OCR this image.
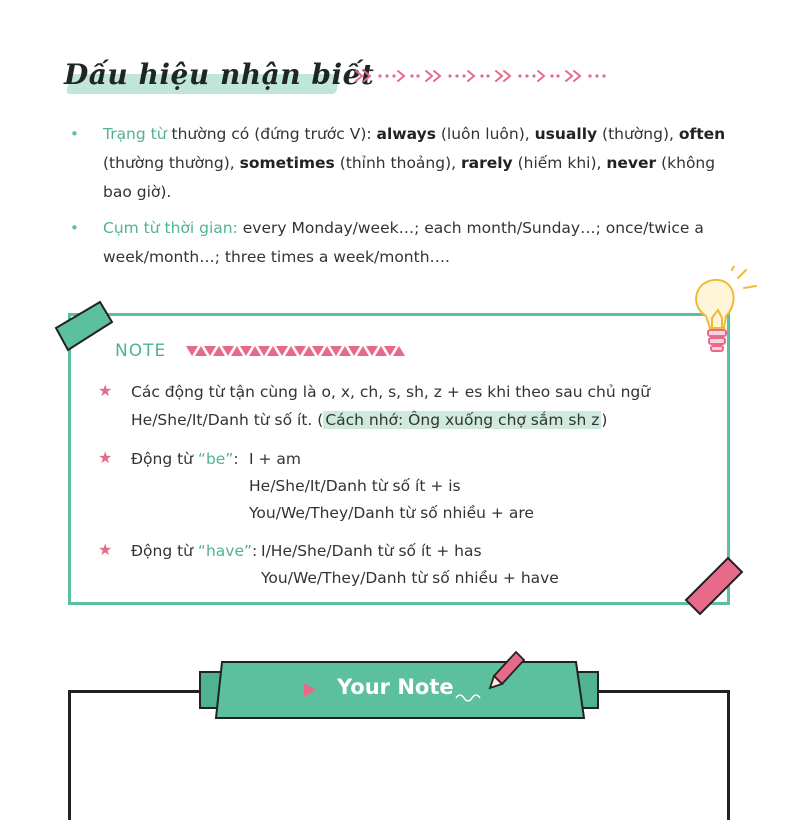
Dấu hiệu nhận biết
• Trạng từ thường có (đứng trước V): always (luôn luôn), usually (thường), often (thường thường), sometimes (thỉnh thoảng), rarely (hiếm khi), never (không bao giờ).
• Cụm từ thời gian: every Monday/week…; each month/Sunday…; once/twice a week/month…; three times a week/month….
NOTE
★ Các động từ tận cùng là o, x, ch, s, sh, z + es khi theo sau chủ ngữ
He/She/It/Danh từ số ít. ( Cách nhớ: Ông xuống chợ sắm sh z )
★ Động từ “be”: I + am
He/She/It/Danh từ số ít + is
You/We/They/Danh từ số nhiều + are
★ Động từ “have”: I/He/She/Danh từ số ít + has
You/We/They/Danh từ số nhiều + have
Your Note
